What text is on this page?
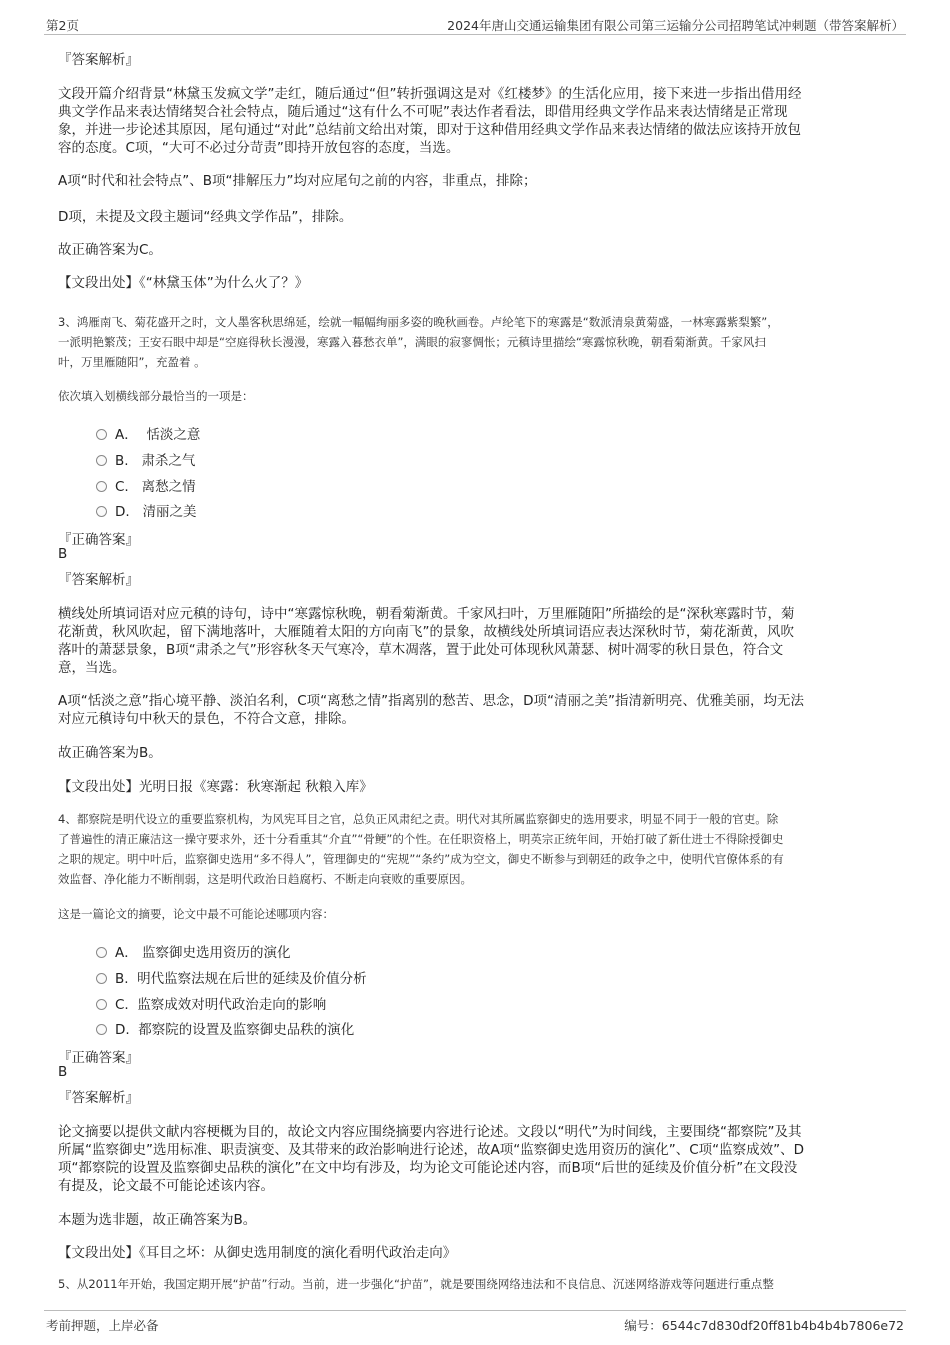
第2页	2024年唐山交通运输集团有限公司第三运输分公司招聘笔试冲刺题（带答案解析）
『答案解析』
文段开篇介绍背景“林黛玉发疯文学”走红，随后通过“但”转折强调这是对《红楼梦》的生活化应用，接下来进一步指出借用经
典文学作品来表达情绪契合社会特点，随后通过“这有什么不可呢”表达作者看法，即借用经典文学作品来表达情绪是正常现
象，并进一步论述其原因，尾句通过“对此”总结前文给出对策，即对于这种借用经典文学作品来表达情绪的做法应该持开放包
容的态度。C项，“大可不必过分苛责”即持开放包容的态度，当选。
A项“时代和社会特点”、B项“排解压力”均对应尾句之前的内容，非重点，排除；
D项，未提及文段主题词“经典文学作品”，排除。
故正确答案为C。
【文段出处】《“林黛玉体”为什么火了？》
3、鸿雁南飞、菊花盛开之时，文人墨客秋思绵延，绘就一幅幅绚丽多姿的晚秋画卷。卢纶笔下的寒露是“数派清泉黄菊盛，一林寒露紫梨繁”，
一派明艳繁茂；王安石眼中却是“空庭得秋长漫漫，寒露入暮愁衣单”，满眼的寂寥惆怅；元稹诗里描绘“寒露惊秋晚，朝看菊渐黄。千家风扫
叶，万里雁随阳”，充盈着 。
依次填入划横线部分最恰当的一项是：
A． 恬淡之意
B. 肃杀之气
C. 离愁之情
D. 清丽之美
『正确答案』
B
『答案解析』
横线处所填词语对应元稹的诗句，诗中“寒露惊秋晚，朝看菊渐黄。千家风扫叶，万里雁随阳”所描绘的是“深秋寒露时节，菊
花渐黄，秋风吹起，留下满地落叶，大雁随着太阳的方向南飞”的景象，故横线处所填词语应表达深秋时节，菊花渐黄，风吹
落叶的萧瑟景象，B项“肃杀之气”形容秋冬天气寒冷，草木凋落，置于此处可体现秋风萧瑟、树叶凋零的秋日景色，符合文
意，当选。
A项“恬淡之意”指心境平静、淡泊名利，C项“离愁之情”指离别的愁苦、思念，D项“清丽之美”指清新明亮、优雅美丽，均无法
对应元稹诗句中秋天的景色，不符合文意，排除。
故正确答案为B。
【文段出处】光明日报《寒露：秋寒渐起 秋粮入库》
4、都察院是明代设立的重要监察机构，为风宪耳目之官，总负正风肃纪之责。明代对其所属监察御史的选用要求，明显不同于一般的官吏。除
了普遍性的清正廉洁这一操守要求外，还十分看重其“介直”“骨鲠”的个性。在任职资格上，明英宗正统年间，开始打破了新仕进士不得除授御史
之职的规定。明中叶后，监察御史选用“多不得人”，管理御史的“宪规”“条约”成为空文，御史不断参与到朝廷的政争之中，使明代官僚体系的有
效监督、净化能力不断削弱，这是明代政治日趋腐朽、不断走向衰败的重要原因。
这是一篇论文的摘要，论文中最不可能论述哪项内容：
A． 监察御史选用资历的演化
B. 明代监察法规在后世的延续及价值分析
C. 监察成效对明代政治走向的影响
D. 都察院的设置及监察御史品秩的演化
『正确答案』
B
『答案解析』
论文摘要以提供文献内容梗概为目的，故论文内容应围绕摘要内容进行论述。文段以“明代”为时间线，主要围绕“都察院”及其
所属“监察御史”选用标准、职责演变、及其带来的政治影响进行论述，故A项“监察御史选用资历的演化”、C项“监察成效”、D
项“都察院的设置及监察御史品秩的演化”在文中均有涉及，均为论文可能论述内容，而B项“后世的延续及价值分析”在文段没
有提及，论文最不可能论述该内容。
本题为选非题，故正确答案为B。
【文段出处】《耳目之坏：从御史选用制度的演化看明代政治走向》
5、从2011年开始，我国定期开展“护苗”行动。当前，进一步强化“护苗”，就是要围绕网络违法和不良信息、沉迷网络游戏等问题进行重点整
考前押题，上岸必备	编号：6544c7d830df20ff81b4b4b4b7806e72
